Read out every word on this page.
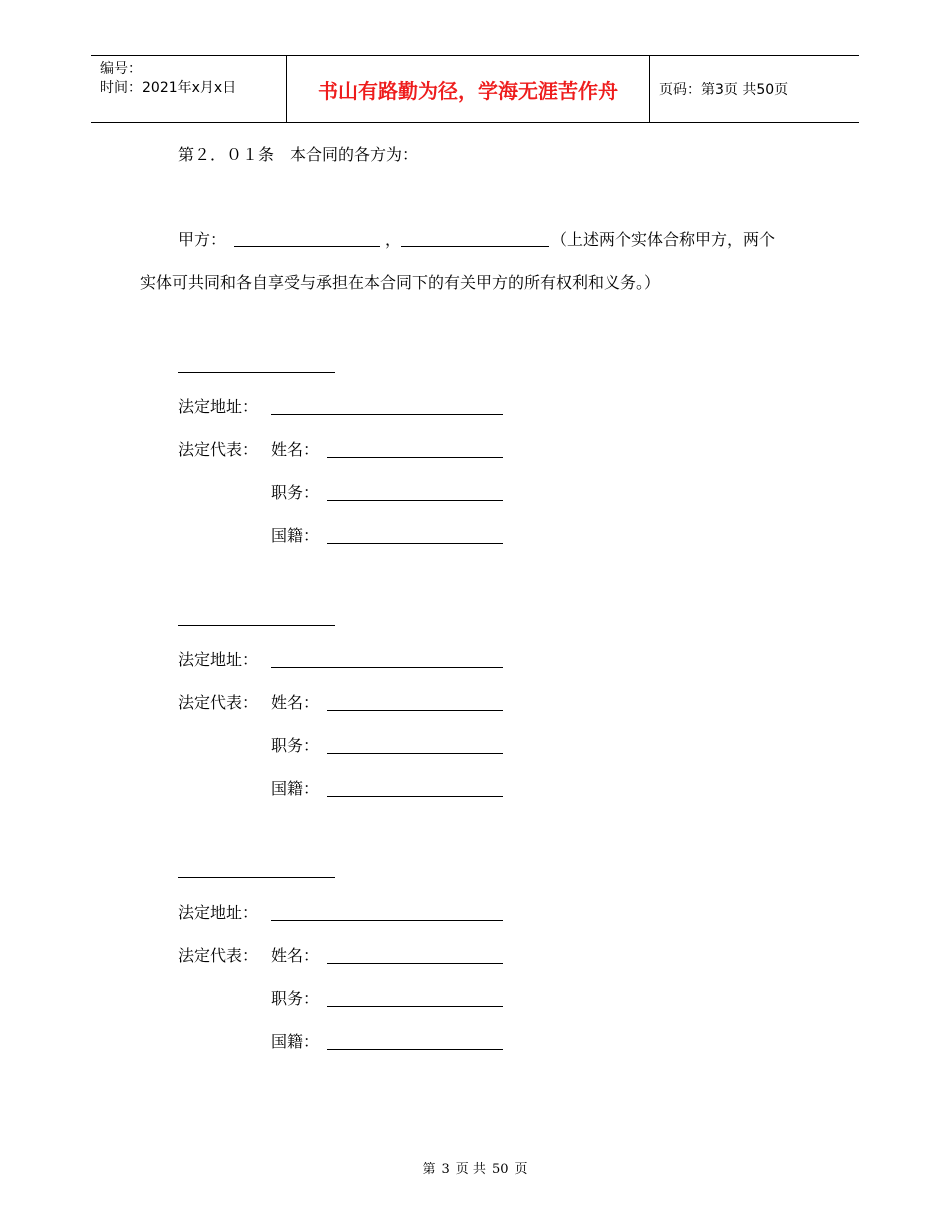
编号：
时间：2021年x月x日	书山有路勤为径，学海无涯苦作舟	页码：第3页 共50页
第２．０１条　本合同的各方为：
甲方：	，	（上述两个实体合称甲方，两个
实体可共同和各自享受与承担在本合同下的有关甲方的所有权利和义务。）
法定地址：
法定代表： 姓名：
职务：
国籍：
法定地址：
法定代表： 姓名：
职务：
国籍：
法定地址：
法定代表： 姓名：
职务：
国籍：
第 3 页 共 50 页
